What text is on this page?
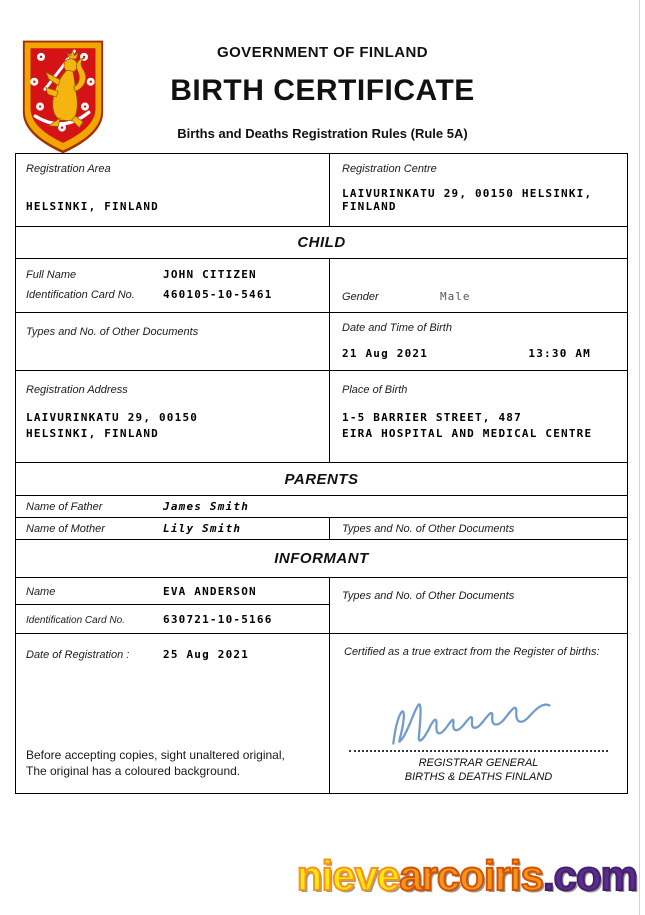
GOVERNMENT OF FINLAND
BIRTH CERTIFICATE
Births and Deaths Registration Rules (Rule 5A)
Registration Area
HELSINKI, FINLAND
Registration Centre
LAIVURINKATU 29, 00150 HELSINKI, FINLAND
CHILD
Full Name	JOHN CITIZEN
Identification Card No.	460105-10-5461	Gender	Male
Types and No. of Other Documents	Date and Time of Birth
21 Aug 2021	13:30 AM
Registration Address
LAIVURINKATU 29, 00150
HELSINKI, FINLAND
Place of Birth
1-5 BARRIER STREET, 487
EIRA HOSPITAL AND MEDICAL CENTRE
PARENTS
Name of Father	James Smith
Name of Mother	Lily Smith	Types and No. of Other Documents
INFORMANT
Name	EVA ANDERSON
Identification Card No.	630721-10-5166
Types and No. of Other Documents
Date of Registration :	25 Aug 2021
Before accepting copies, sight unaltered original,
The original has a coloured background.
Certified as a true extract from the Register of births:
REGISTRAR GENERAL
BIRTHS & DEATHS FINLAND
nievearcoiris.com
